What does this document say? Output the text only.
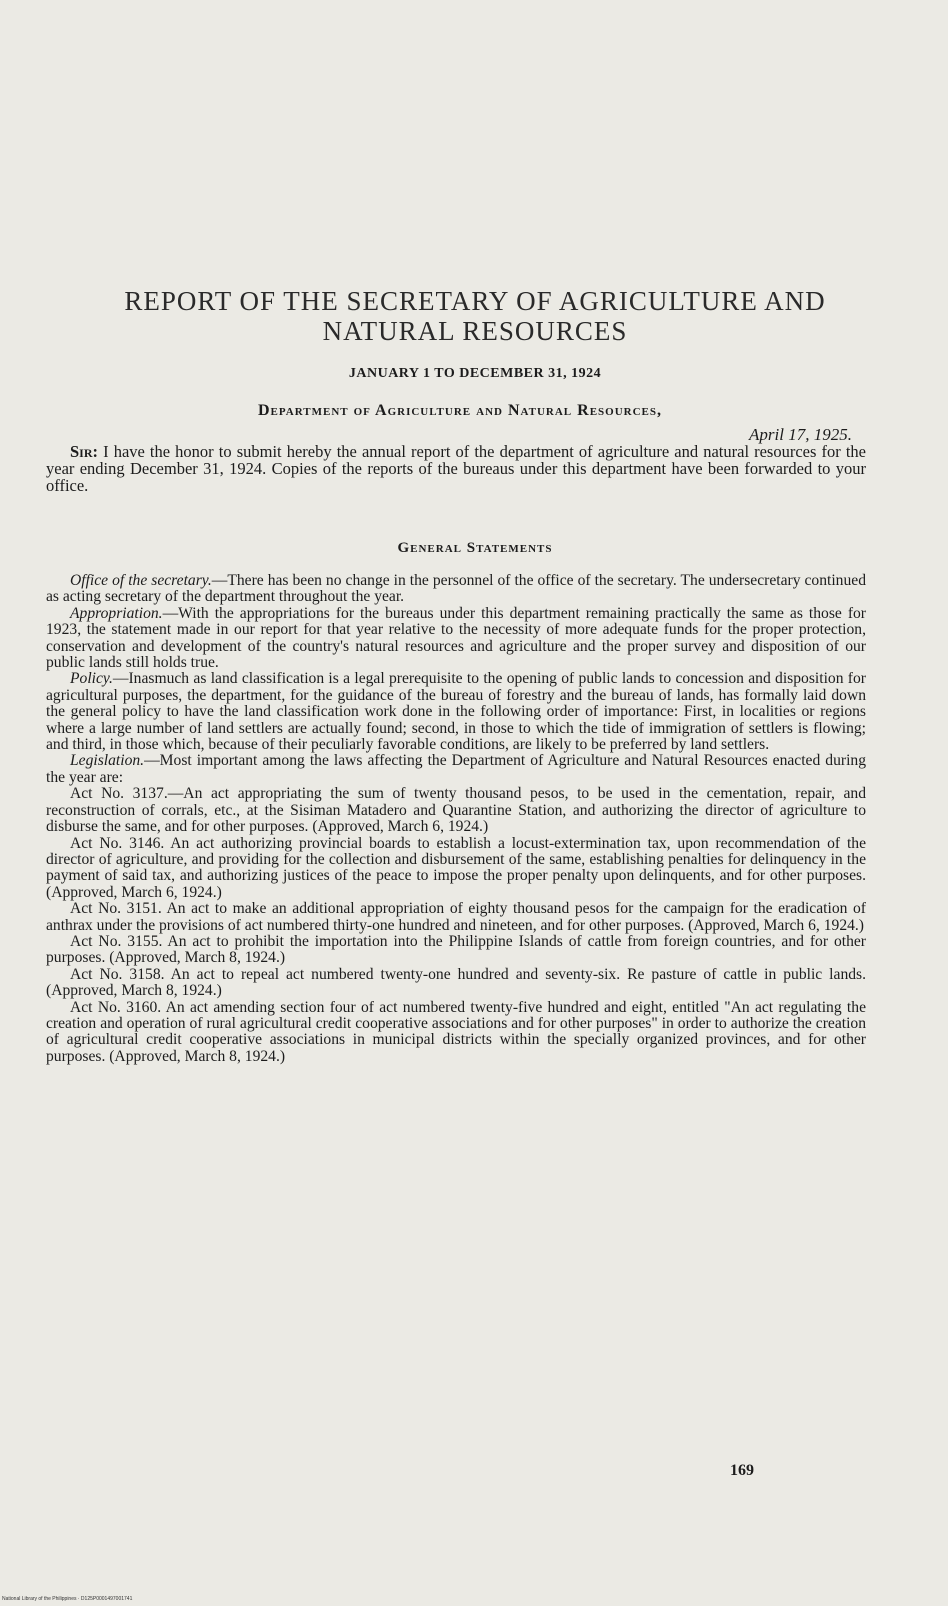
REPORT OF THE SECRETARY OF AGRICULTURE AND NATURAL RESOURCES
JANUARY 1 TO DECEMBER 31, 1924
Department of Agriculture and Natural Resources,
April 17, 1925.

Sir: I have the honor to submit hereby the annual report of the department of agriculture and natural resources for the year ending December 31, 1924. Copies of the reports of the bureaus under this department have been forwarded to your office.

General Statements

Office of the secretary.—There has been no change in the personnel of the office of the secretary. The undersecretary continued as acting secretary of the department throughout the year.

Appropriation.—With the appropriations for the bureaus under this department remaining practically the same as those for 1923, the statement made in our report for that year relative to the necessity of more adequate funds for the proper protection, conservation and development of the country's natural resources and agriculture and the proper survey and disposition of our public lands still holds true.

Policy.—Inasmuch as land classification is a legal prerequisite to the opening of public lands to concession and disposition for agricultural purposes, the department, for the guidance of the bureau of forestry and the bureau of lands, has formally laid down the general policy to have the land classification work done in the following order of importance: First, in localities or regions where a large number of land settlers are actually found; second, in those to which the tide of immigration of settlers is flowing; and third, in those which, because of their peculiarly favorable conditions, are likely to be preferred by land settlers.

Legislation.—Most important among the laws affecting the Department of Agriculture and Natural Resources enacted during the year are:

Act No. 3137.—An act appropriating the sum of twenty thousand pesos, to be used in the cementation, repair, and reconstruction of corrals, etc., at the Sisiman Matadero and Quarantine Station, and authorizing the director of agriculture to disburse the same, and for other purposes. (Approved, March 6, 1924.)

Act No. 3146. An act authorizing provincial boards to establish a locust-extermination tax, upon recommendation of the director of agriculture, and providing for the collection and disbursement of the same, establishing penalties for delinquency in the payment of said tax, and authorizing justices of the peace to impose the proper penalty upon delinquents, and for other purposes. (Approved, March 6, 1924.)

Act No. 3151. An act to make an additional appropriation of eighty thousand pesos for the campaign for the eradication of anthrax under the provisions of act numbered thirty-one hundred and nineteen, and for other purposes. (Approved, March 6, 1924.)

Act No. 3155. An act to prohibit the importation into the Philippine Islands of cattle from foreign countries, and for other purposes. (Approved, March 8, 1924.)

Act No. 3158. An act to repeal act numbered twenty-one hundred and seventy-six. Re pasture of cattle in public lands. (Approved, March 8, 1924.)

Act No. 3160. An act amending section four of act numbered twenty-five hundred and eight, entitled "An act regulating the creation and operation of rural agricultural credit cooperative associations and for other purposes" in order to authorize the creation of agricultural credit cooperative associations in municipal districts within the specially organized provinces, and for other purposes. (Approved, March 8, 1924.)

169
National Library of the Philippines · D125P0001497001741
